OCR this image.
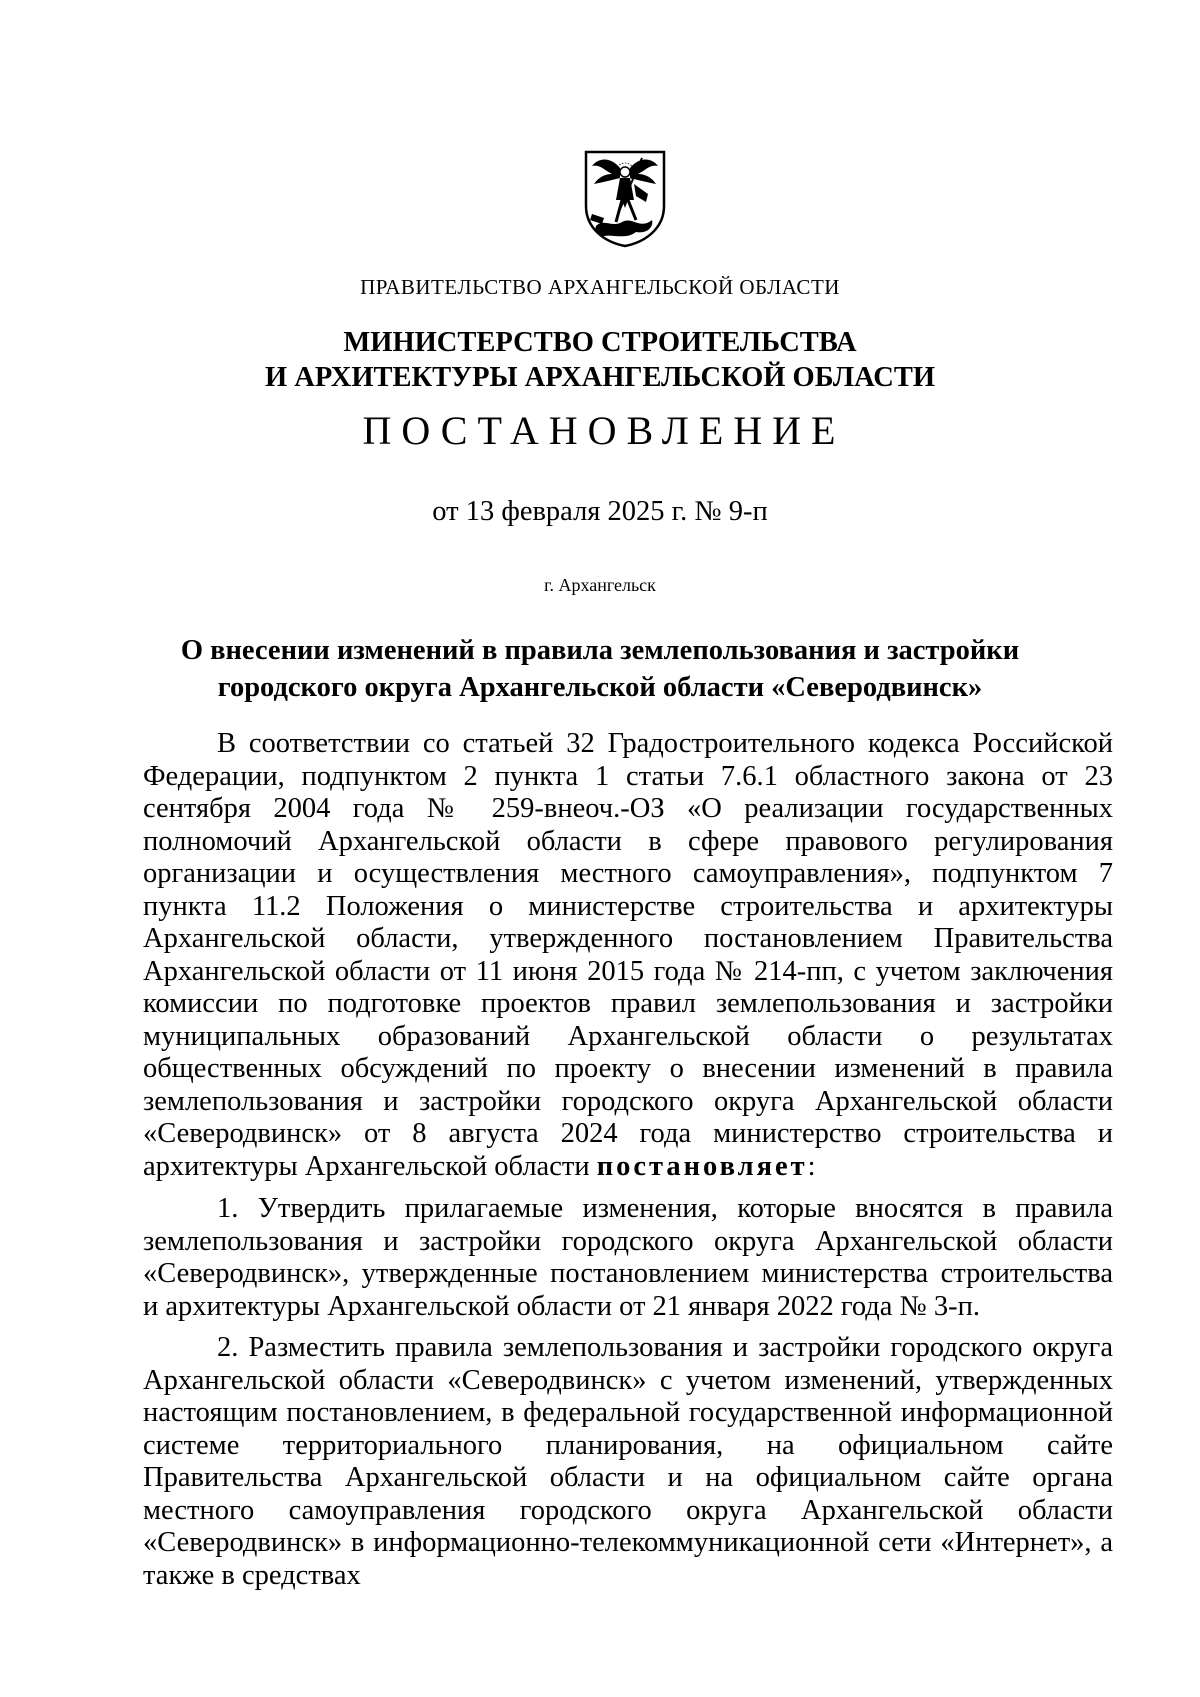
ПРАВИТЕЛЬСТВО АРХАНГЕЛЬСКОЙ ОБЛАСТИ
МИНИСТЕРСТВО СТРОИТЕЛЬСТВА
И АРХИТЕКТУРЫ АРХАНГЕЛЬСКОЙ ОБЛАСТИ
ПОСТАНОВЛЕНИЕ
от 13 февраля 2025 г. № 9-п
г. Архангельск
О внесении изменений в правила землепользования и застройки
городского округа Архангельской области «Северодвинск»

В соответствии со статьей 32 Градостроительного кодекса Российской Федерации, подпунктом 2 пункта 1 статьи 7.6.1 областного закона от 23 сентября 2004 года № 259-внеоч.-ОЗ «О реализации государственных полномочий Архангельской области в сфере правового регулирования организации и осуществления местного самоуправления», подпунктом 7 пункта 11.2 Положения о министерстве строительства и архитектуры Архангельской области, утвержденного постановлением Правительства Архангельской области от 11 июня 2015 года № 214-пп, с учетом заключения комиссии по подготовке проектов правил землепользования и застройки муниципальных образований Архангельской области о результатах общественных обсуждений по проекту о внесении изменений в правила землепользования и застройки городского округа Архангельской области «Северодвинск» от 8 августа 2024 года министерство строительства и архитектуры Архангельской области постановляет:

1. Утвердить прилагаемые изменения, которые вносятся в правила землепользования и застройки городского округа Архангельской области «Северодвинск», утвержденные постановлением министерства строительства и архитектуры Архангельской области от 21 января 2022 года № 3-п.

2. Разместить правила землепользования и застройки городского округа Архангельской области «Северодвинск» с учетом изменений, утвержденных настоящим постановлением, в федеральной государственной информационной системе территориального планирования, на официальном сайте Правительства Архангельской области и на официальном сайте органа местного самоуправления городского округа Архангельской области «Северодвинск» в информационно-телекоммуникационной сети «Интернет», а также в средствах
